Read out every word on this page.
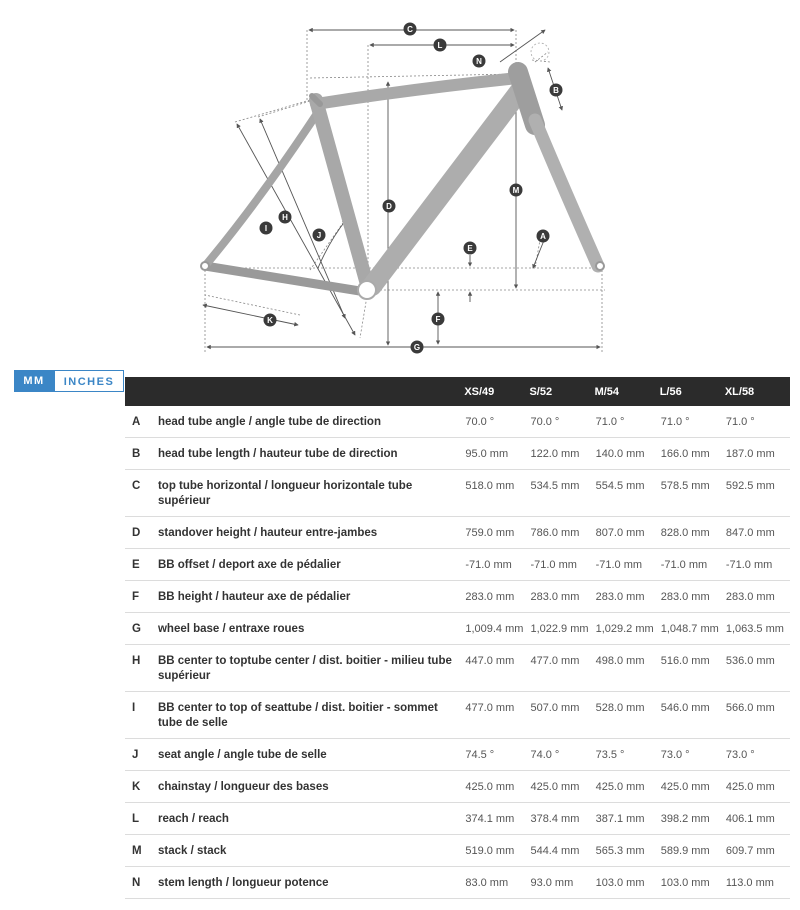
C
L
N
B
M
D
H
I
J	A
E
F
K
G
MM	INCHES
		XS/49	S/52	M/54	L/56	XL/58
A	head tube angle / angle tube de direction	70.0 °	70.0 °	71.0 °	71.0 °	71.0 °
B	head tube length / hauteur tube de direction	95.0 mm	122.0 mm	140.0 mm	166.0 mm	187.0 mm
C	top tube horizontal / longueur horizontale tube supérieur	518.0 mm	534.5 mm	554.5 mm	578.5 mm	592.5 mm
D	standover height / hauteur entre-jambes	759.0 mm	786.0 mm	807.0 mm	828.0 mm	847.0 mm
E	BB offset / deport axe de pédalier	-71.0 mm	-71.0 mm	-71.0 mm	-71.0 mm	-71.0 mm
F	BB height / hauteur axe de pédalier	283.0 mm	283.0 mm	283.0 mm	283.0 mm	283.0 mm
G	wheel base / entraxe roues	1,009.4 mm	1,022.9 mm	1,029.2 mm	1,048.7 mm	1,063.5 mm
H	BB center to toptube center / dist. boitier - milieu tube supérieur	447.0 mm	477.0 mm	498.0 mm	516.0 mm	536.0 mm
I	BB center to top of seattube / dist. boitier - sommet tube de selle	477.0 mm	507.0 mm	528.0 mm	546.0 mm	566.0 mm
J	seat angle / angle tube de selle	74.5 °	74.0 °	73.5 °	73.0 °	73.0 °
K	chainstay / longueur des bases	425.0 mm	425.0 mm	425.0 mm	425.0 mm	425.0 mm
L	reach / reach	374.1 mm	378.4 mm	387.1 mm	398.2 mm	406.1 mm
M	stack / stack	519.0 mm	544.4 mm	565.3 mm	589.9 mm	609.7 mm
N	stem length / longueur potence	83.0 mm	93.0 mm	103.0 mm	103.0 mm	113.0 mm
